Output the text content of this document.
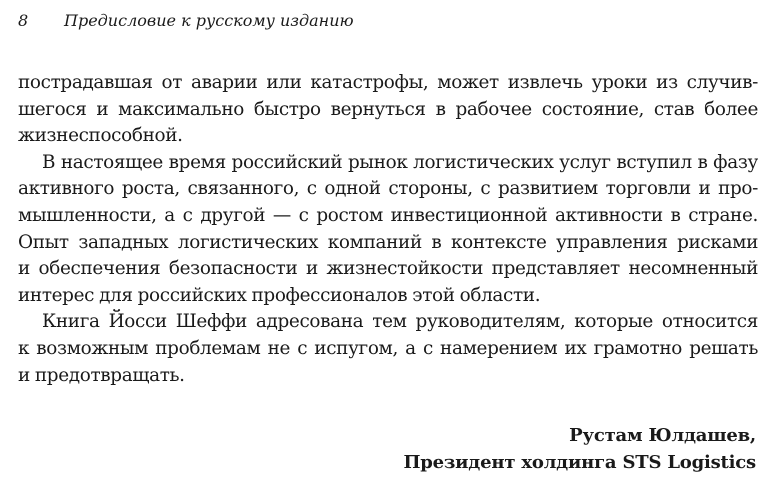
8 Предисловие к русскому изданию

пострадавшая от аварии или катастрофы, может извлечь уроки из случив-
шегося и максимально быстро вернуться в рабочее состояние, став более
жизнеспособной.

В настоящее время российский рынок логистических услуг вступил в фазу
активного роста, связанного, с одной стороны, с развитием торговли и про-
мышленности, а с другой — с ростом инвестиционной активности в стране.
Опыт западных логистических компаний в контексте управления рисками
и обеспечения безопасности и жизнестойкости представляет несомненный
интерес для российских профессионалов этой области.

Книга Йосси Шеффи адресована тем руководителям, которые относится
к возможным проблемам не с испугом, а с намерением их грамотно решать
и предотвращать.

Рустам Юлдашев,
Президент холдинга STS Logistics
